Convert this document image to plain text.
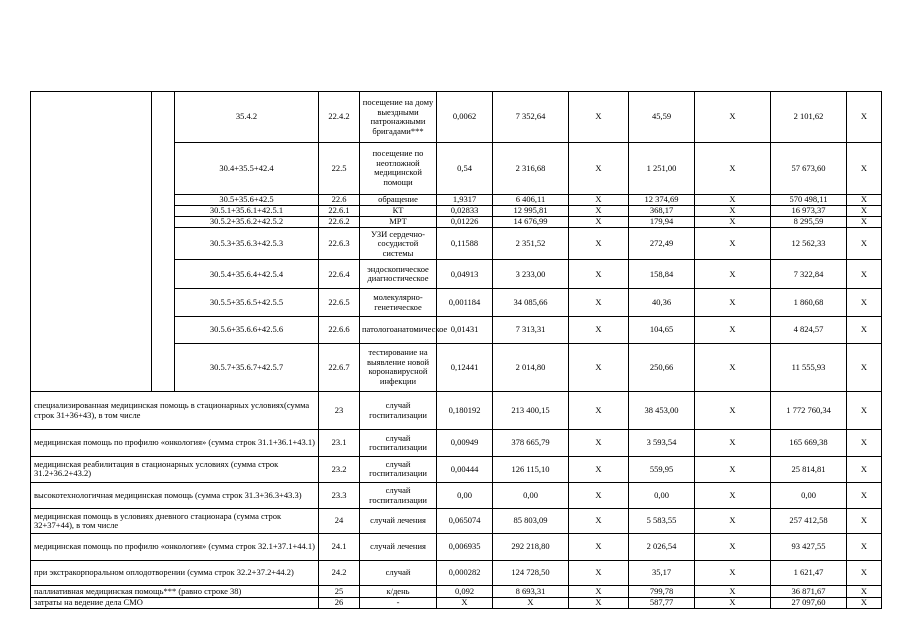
		35.4.2	22.4.2	посещение на дому выездными патронажными бригадами***	0,0062	7 352,64	X	45,59	X	2 101,62	X
		30.4+35.5+42.4	22.5	посещение по неотложной медицинской помощи	0,54	2 316,68	X	1 251,00	X	57 673,60	X
		30.5+35.6+42.5	22.6	обращение	1,9317	6 406,11	X	12 374,69	X	570 498,11	X
		30.5.1+35.6.1+42.5.1	22.6.1	КТ	0,02833	12 995,81	X	368,17	X	16 973,37	X
		30.5.2+35.6.2+42.5.2	22.6.2	МРТ	0,01226	14 676,99	X	179,94	X	8 295,59	X
		30.5.3+35.6.3+42.5.3	22.6.3	УЗИ сердечно-сосудистой системы	0,11588	2 351,52	X	272,49	X	12 562,33	X
		30.5.4+35.6.4+42.5.4	22.6.4	эндоскопическое диагностическое	0,04913	3 233,00	X	158,84	X	7 322,84	X
		30.5.5+35.6.5+42.5.5	22.6.5	молекулярно-генетическое	0,001184	34 085,66	X	40,36	X	1 860,68	X
		30.5.6+35.6.6+42.5.6	22.6.6	патологоанатомическое	0,01431	7 313,31	X	104,65	X	4 824,57	X
		30.5.7+35.6.7+42.5.7	22.6.7	тестирование на выявление новой коронавирусной инфекции	0,12441	2 014,80	X	250,66	X	11 555,93	X
специализированная медицинская помощь в стационарных условиях(сумма строк 31+36+43), в том числе			23	случай госпитализации	0,180192	213 400,15	X	38 453,00	X	1 772 760,34	X
медицинская помощь по профилю «онкология» (сумма строк 31.1+36.1+43.1)			23.1	случай госпитализации	0,00949	378 665,79	X	3 593,54	X	165 669,38	X
медицинская реабилитация в стационарных условиях (сумма строк 31.2+36.2+43.2)			23.2	случай госпитализации	0,00444	126 115,10	X	559,95	X	25 814,81	X
высокотехнологичная медицинская помощь (сумма строк 31.3+36.3+43.3)			23.3	случай госпитализации	0,00	0,00	X	0,00	X	0,00	X
медицинская помощь в условиях дневного стационара (сумма строк 32+37+44), в том числе			24	случай лечения	0,065074	85 803,09	X	5 583,55	X	257 412,58	X
медицинская помощь по профилю «онкология» (сумма строк 32.1+37.1+44.1)			24.1	случай лечения	0,006935	292 218,80	X	2 026,54	X	93 427,55	X
при экстракорпоральном оплодотворении (сумма строк 32.2+37.2+44.2)			24.2	случай	0,000282	124 728,50	X	35,17	X	1 621,47	X
паллиативная медицинская помощь*** (равно строке 38)			25	к/день	0,092	8 693,31	X	799,78	X	36 871,67	X
затраты на ведение дела СМО			26	-	X	X	X	587,77	X	27 097,60	X
